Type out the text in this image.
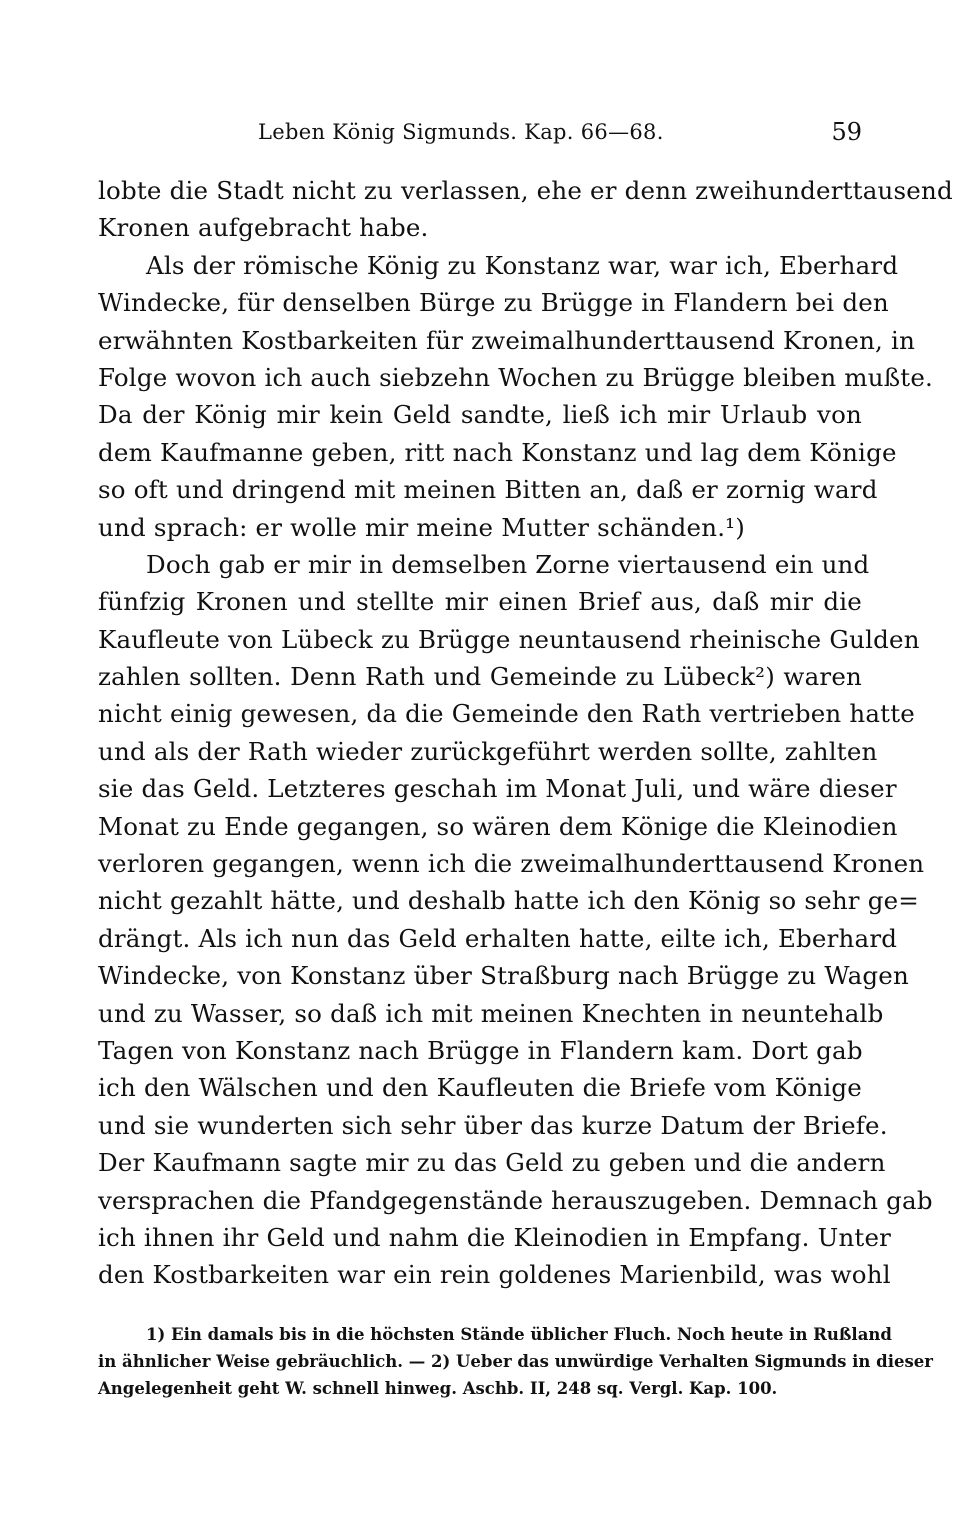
Leben König Sigmunds. Kap. 66—68.	59
lobte die Stadt nicht zu verlassen, ehe er denn zweihunderttausend
Kronen aufgebracht habe.
Als der römische König zu Konstanz war, war ich, Eberhard
Windecke, für denselben Bürge zu Brügge in Flandern bei den
erwähnten Kostbarkeiten für zweimalhunderttausend Kronen, in
Folge wovon ich auch siebzehn Wochen zu Brügge bleiben mußte.
Da der König mir kein Geld sandte, ließ ich mir Urlaub von
dem Kaufmanne geben, ritt nach Konstanz und lag dem Könige
so oft und dringend mit meinen Bitten an, daß er zornig ward
und sprach: er wolle mir meine Mutter schänden.¹)
Doch gab er mir in demselben Zorne viertausend ein und
fünfzig Kronen und stellte mir einen Brief aus, daß mir die
Kaufleute von Lübeck zu Brügge neuntausend rheinische Gulden
zahlen sollten. Denn Rath und Gemeinde zu Lübeck²) waren
nicht einig gewesen, da die Gemeinde den Rath vertrieben hatte
und als der Rath wieder zurückgeführt werden sollte, zahlten
sie das Geld. Letzteres geschah im Monat Juli, und wäre dieser
Monat zu Ende gegangen, so wären dem Könige die Kleinodien
verloren gegangen, wenn ich die zweimalhunderttausend Kronen
nicht gezahlt hätte, und deshalb hatte ich den König so sehr ge=
drängt. Als ich nun das Geld erhalten hatte, eilte ich, Eberhard
Windecke, von Konstanz über Straßburg nach Brügge zu Wagen
und zu Wasser, so daß ich mit meinen Knechten in neuntehalb
Tagen von Konstanz nach Brügge in Flandern kam. Dort gab
ich den Wälschen und den Kaufleuten die Briefe vom Könige
und sie wunderten sich sehr über das kurze Datum der Briefe.
Der Kaufmann sagte mir zu das Geld zu geben und die andern
versprachen die Pfandgegenstände herauszugeben. Demnach gab
ich ihnen ihr Geld und nahm die Kleinodien in Empfang. Unter
den Kostbarkeiten war ein rein goldenes Marienbild, was wohl
1) Ein damals bis in die höchsten Stände üblicher Fluch. Noch heute in Rußland
in ähnlicher Weise gebräuchlich. — 2) Ueber das unwürdige Verhalten Sigmunds in dieser
Angelegenheit geht W. schnell hinweg. Aschb. II, 248 sq. Vergl. Kap. 100.
